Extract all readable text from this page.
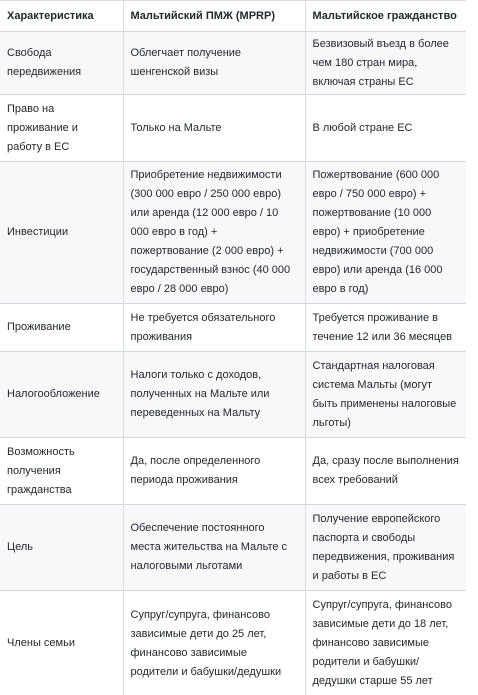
Характеристика	Мальтийский ПМЖ (MPRP)	Мальтийское гражданство

Свобода передвижения	Облегчает получение шенгенской визы	Безвизовый въезд в более чем 180 стран мира, включая страны ЕС

Право на проживание и работу в ЕС	Только на Мальте	В любой стране ЕС

Инвестиции	Приобретение недвижимости (300 000 евро / 250 000 евро) или аренда (12 000 евро / 10 000 евро в год) + пожертвование (2 000 евро) + государственный взнос (40 000 евро / 28 000 евро)	Пожертвование (600 000 евро / 750 000 евро) + пожертвование (10 000 евро) + приобретение недвижимости (700 000 евро) или аренда (16 000 евро в год)

Проживание	Не требуется обязательного проживания	Требуется проживание в течение 12 или 36 месяцев

Налогообложение	Налоги только с доходов, полученных на Мальте или переведенных на Мальту	Стандартная налоговая система Мальты (могут быть применены налоговые льготы)

Возможность получения гражданства	Да, после определенного периода проживания	Да, сразу после выполнения всех требований

Цель	Обеспечение постоянного места жительства на Мальте с налоговыми льготами	Получение европейского паспорта и свободы передвижения, проживания и работы в ЕС

Члены семьи	Супруг/супруга, финансово зависимые дети до 25 лет, финансово зависимые родители и бабушки/дедушки	Супруг/супруга, финансово зависимые дети до 18 лет, финансово зависимые родители и бабушки/ дедушки старше 55 лет
